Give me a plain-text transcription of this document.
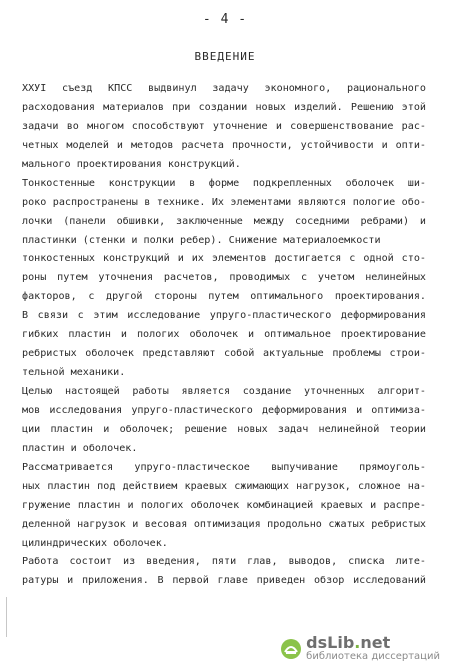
- 4 -
ВВЕДЕНИЕ
XXУI съезд КПСС выдвинул задачу экономного, рационального
расходования материалов при создании новых изделий. Решению этой
задачи во многом способствуют уточнение и совершенствование рас-
четных моделей и методов расчета прочности, устойчивости и опти-
мального проектирования конструкций.
Тонкостенные конструкции в форме подкрепленных оболочек ши-
роко распространены в технике. Их элементами являются пологие обо-
лочки (панели обшивки, заключенные между соседними ребрами) и
пластинки (стенки и полки ребер). Снижение материалоемкости
тонкостенных конструкций и их элементов достигается с одной сто-
роны путем уточнения расчетов, проводимых с учетом нелинейных
факторов, с другой стороны путем оптимального проектирования.
В связи с этим исследование упруго-пластического деформирования
гибких пластин и пологих оболочек и оптимальное проектирование
ребристых оболочек представляют собой актуальные проблемы строи-
тельной механики.
Целью настоящей работы является создание уточненных алгорит-
мов исследования упруго-пластического деформирования и оптимиза-
ции пластин и оболочек; решение новых задач нелинейной теории
пластин и оболочек.
Рассматривается упруго-пластическое выпучивание прямоуголь-
ных пластин под действием краевых сжимающих нагрузок, сложное на-
гружение пластин и пологих оболочек комбинацией краевых и распре-
деленной нагрузок и весовая оптимизация продольно сжатых ребристых
цилиндрических оболочек.
Работа состоит из введения, пяти глав, выводов, списка лите-
ратуры и приложения. В первой главе приведен обзор исследований
dsLib.net
библиотека диссертаций
